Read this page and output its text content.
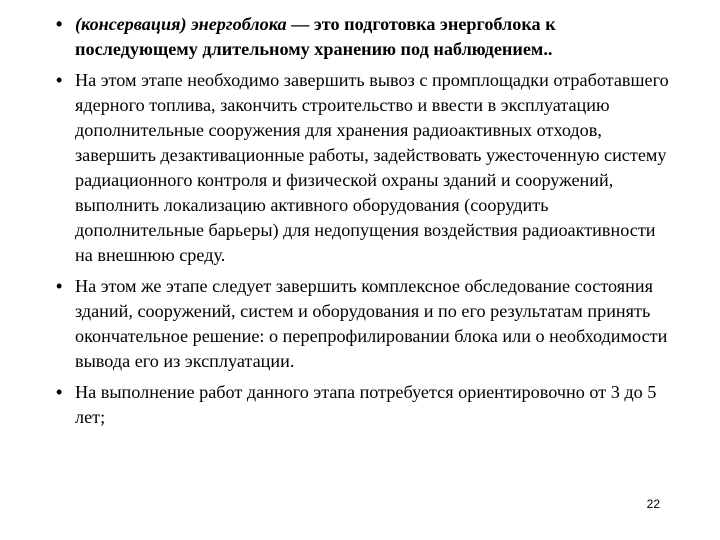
• (консервация) энергоблока — это подготовка энергоблока к последующему длительному хранению под наблюдением..
• На этом этапе необходимо завершить вывоз с промплощадки отработавшего ядерного топлива, закончить строительство и ввести в эксплуатацию дополнительные сооружения для хранения радиоактивных отходов, завершить дезактивационные работы, задействовать ужесточенную систему радиационного контроля и физической охраны зданий и сооружений, выполнить локализацию активного оборудования (соорудить дополнительные барьеры) для недопущения воздействия радиоактивности на внешнюю среду.
• На этом же этапе следует завершить комплексное обследование состояния зданий, сооружений, систем и оборудования и по его результатам принять окончательное решение: о перепрофилировании блока или о необходимости вывода его из эксплуатации.
• На выполнение работ данного этапа потребуется ориентировочно от 3 до 5 лет;
22
